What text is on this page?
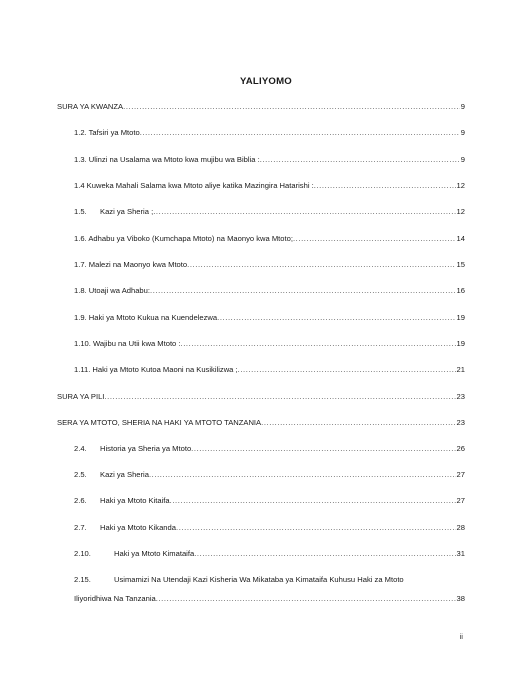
YALIYOMO
SURA YA KWANZA .....	9
1.2. Tafsiri ya Mtoto .....	9
1.3. Ulinzi na Usalama wa Mtoto kwa mujibu wa Biblia : .....	9
1.4 Kuweka Mahali Salama kwa Mtoto aliye katika Mazingira Hatarishi : .....	12
1.5. Kazi ya Sheria ; .....	12
1.6. Adhabu ya Viboko (Kumchapa Mtoto) na Maonyo kwa Mtoto; .....	14
1.7. Malezi na Maonyo kwa Mtoto .....	15
1.8. Utoaji wa Adhabu: .....	16
1.9. Haki ya Mtoto Kukua na Kuendelezwa .....	19
1.10. Wajibu na Utii kwa Mtoto : .....	19
1.11. Haki ya Mtoto Kutoa Maoni na Kusikilizwa ; .....	21
SURA YA PILI .....	23
SERA YA MTOTO, SHERIA NA HAKI YA MTOTO TANZANIA .....	23
2.4. Historia ya Sheria ya Mtoto .....	26
2.5. Kazi ya Sheria .....	27
2.6. Haki ya Mtoto Kitaifa .....	27
2.7. Haki ya Mtoto Kikanda .....	28
2.10.	Haki ya Mtoto Kimataifa .....	31
2.15.	Usimamizi Na Utendaji Kazi Kisheria Wa Mikataba ya Kimataifa Kuhusu Haki za Mtoto
Iliyoridhiwa Na Tanzania .....	38
ii
